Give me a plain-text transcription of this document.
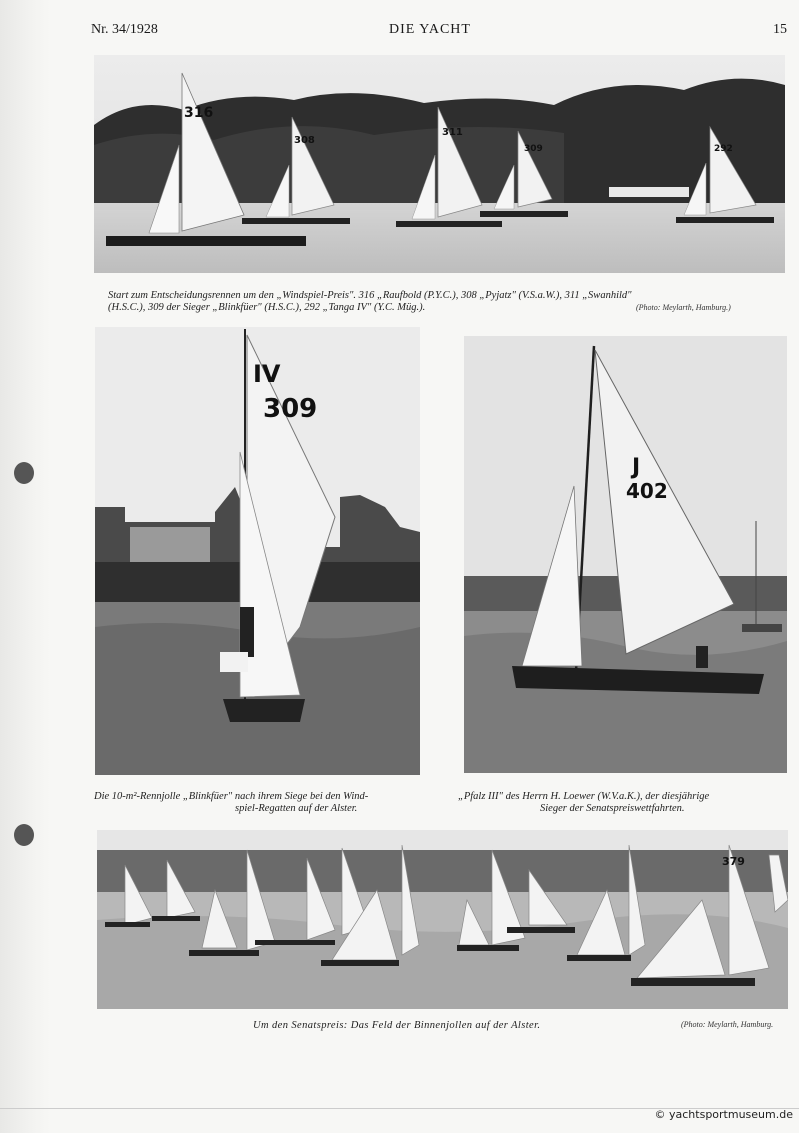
Nr. 34/1928	DIE YACHT	15
316
308
311
309	292
Start zum Entscheidungsrennen um den „Windspiel-Preis". 316 „Raufbold (P.Y.C.), 308 „Pyjatz" (V.S.a.W.), 311 „Swanhild"
(H.S.C.), 309 der Sieger „Blinkfüer" (H.S.C.), 292 „Tanga IV" (Y.C. Müg.).	(Photo: Meylarth, Hamburg.)
IV
309
Die 10-m²-Rennjolle „Blinkfüer" nach ihrem Siege bei den Wind-
spiel-Regatten auf der Alster.
J
402
„Pfalz III" des Herrn H. Loewer (W.V.a.K.), der diesjährige
Sieger der Senatspreiswettfahrten.
379
Um den Senatspreis: Das Feld der Binnenjollen auf der Alster.	(Photo: Meylarth, Hamburg.
© yachtsportmuseum.de
